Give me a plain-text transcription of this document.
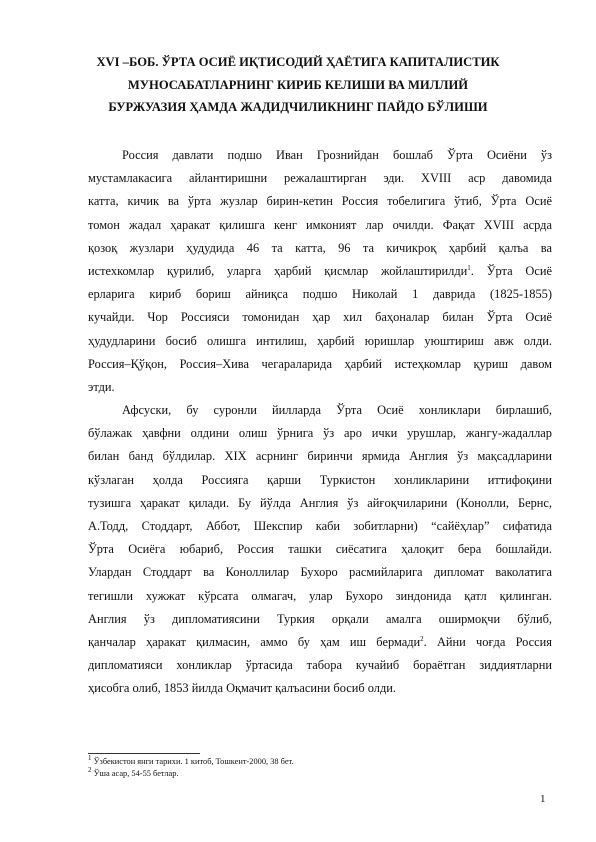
XVI –БОБ. ЎРТА ОСИЁ ИҚТИСОДИЙ ҲАЁТИГА КАПИТАЛИСТИК
МУНОСАБАТЛАРНИНГ КИРИБ КЕЛИШИ ВА МИЛЛИЙ
БУРЖУАЗИЯ ҲАМДА ЖАДИДЧИЛИКНИНГ ПАЙДО БЎЛИШИ

Россия давлати подшо Иван Грознийдан бошлаб Ўрта Осиёни ўз
мустамлакасига айлантиришни режалаштирган эди. XVIII аср давомида
катта, кичик ва ўрта жузлар бирин-кетин Россия тобелигига ўтиб, Ўрта Осиё
томон жадал ҳаракат қилишга кенг имконият лар очилди. Фақат XVIII асрда
қозоқ жузлари ҳудудида 46 та катта, 96 та кичикроқ ҳарбий қалъа ва
истехкомлар қурилиб, уларга ҳарбий қисмлар жойлаштирилди$^1$. Ўрта Осиё
ерларига кириб бориш айниқса подшо Николай 1 даврида (1825-1855)
кучайди. Чор Россияси томонидан ҳар хил баҳоналар билан Ўрта Осиё
ҳудудларини босиб олишга интилиш, ҳарбий юришлар уюштириш авж олди.
Россия–Қўқон, Россия–Хива чегараларида ҳарбий истеҳкомлар қуриш давом
этди.

Афсуски, бу суронли йилларда Ўрта Осиё хонликлари бирлашиб,
бўлажак ҳавфни олдини олиш ўрнига ўз аро ички урушлар, жангу-жадаллар
билан банд бўлдилар. XIX асрнинг биринчи ярмида Англия ўз мақсадларини
кўзлаган ҳолда Россияга қарши Туркистон хонликларини иттифоқини
тузишга ҳаракат қилади. Бу йўлда Англия ўз айғоқчиларини (Конолли, Бернс,
А.Тодд, Стоддарт, Аббот, Шекспир каби зобитларни) “сайёҳлар” сифатида
Ўрта Осиёга юбариб, Россия ташки сиёсатига ҳалоқит бера бошлайди.
Улардан Стоддарт ва Коноллилар Бухоро расмийларига дипломат ваколатига
тегишли хужжат кўрсата олмагач, улар Бухоро зиндонида қатл қилинган.
Англия ўз дипломатиясини Туркия орқали амалга оширмоқчи бўлиб,
қанчалар ҳаракат қилмасин, аммо бу ҳам иш бермади$^2$. Айни чоғда Россия
дипломатияси хонликлар ўртасида табора кучайиб бораётган зиддиятларни
ҳисобга олиб, 1853 йилда Оқмачит қалъасини босиб олди.

$^1$ Ўзбекистон янги тарихи. 1 китоб, Тошкент-2000, 38 бет.
$^2$ Ўша асар, 54-55 бетлар.
1
